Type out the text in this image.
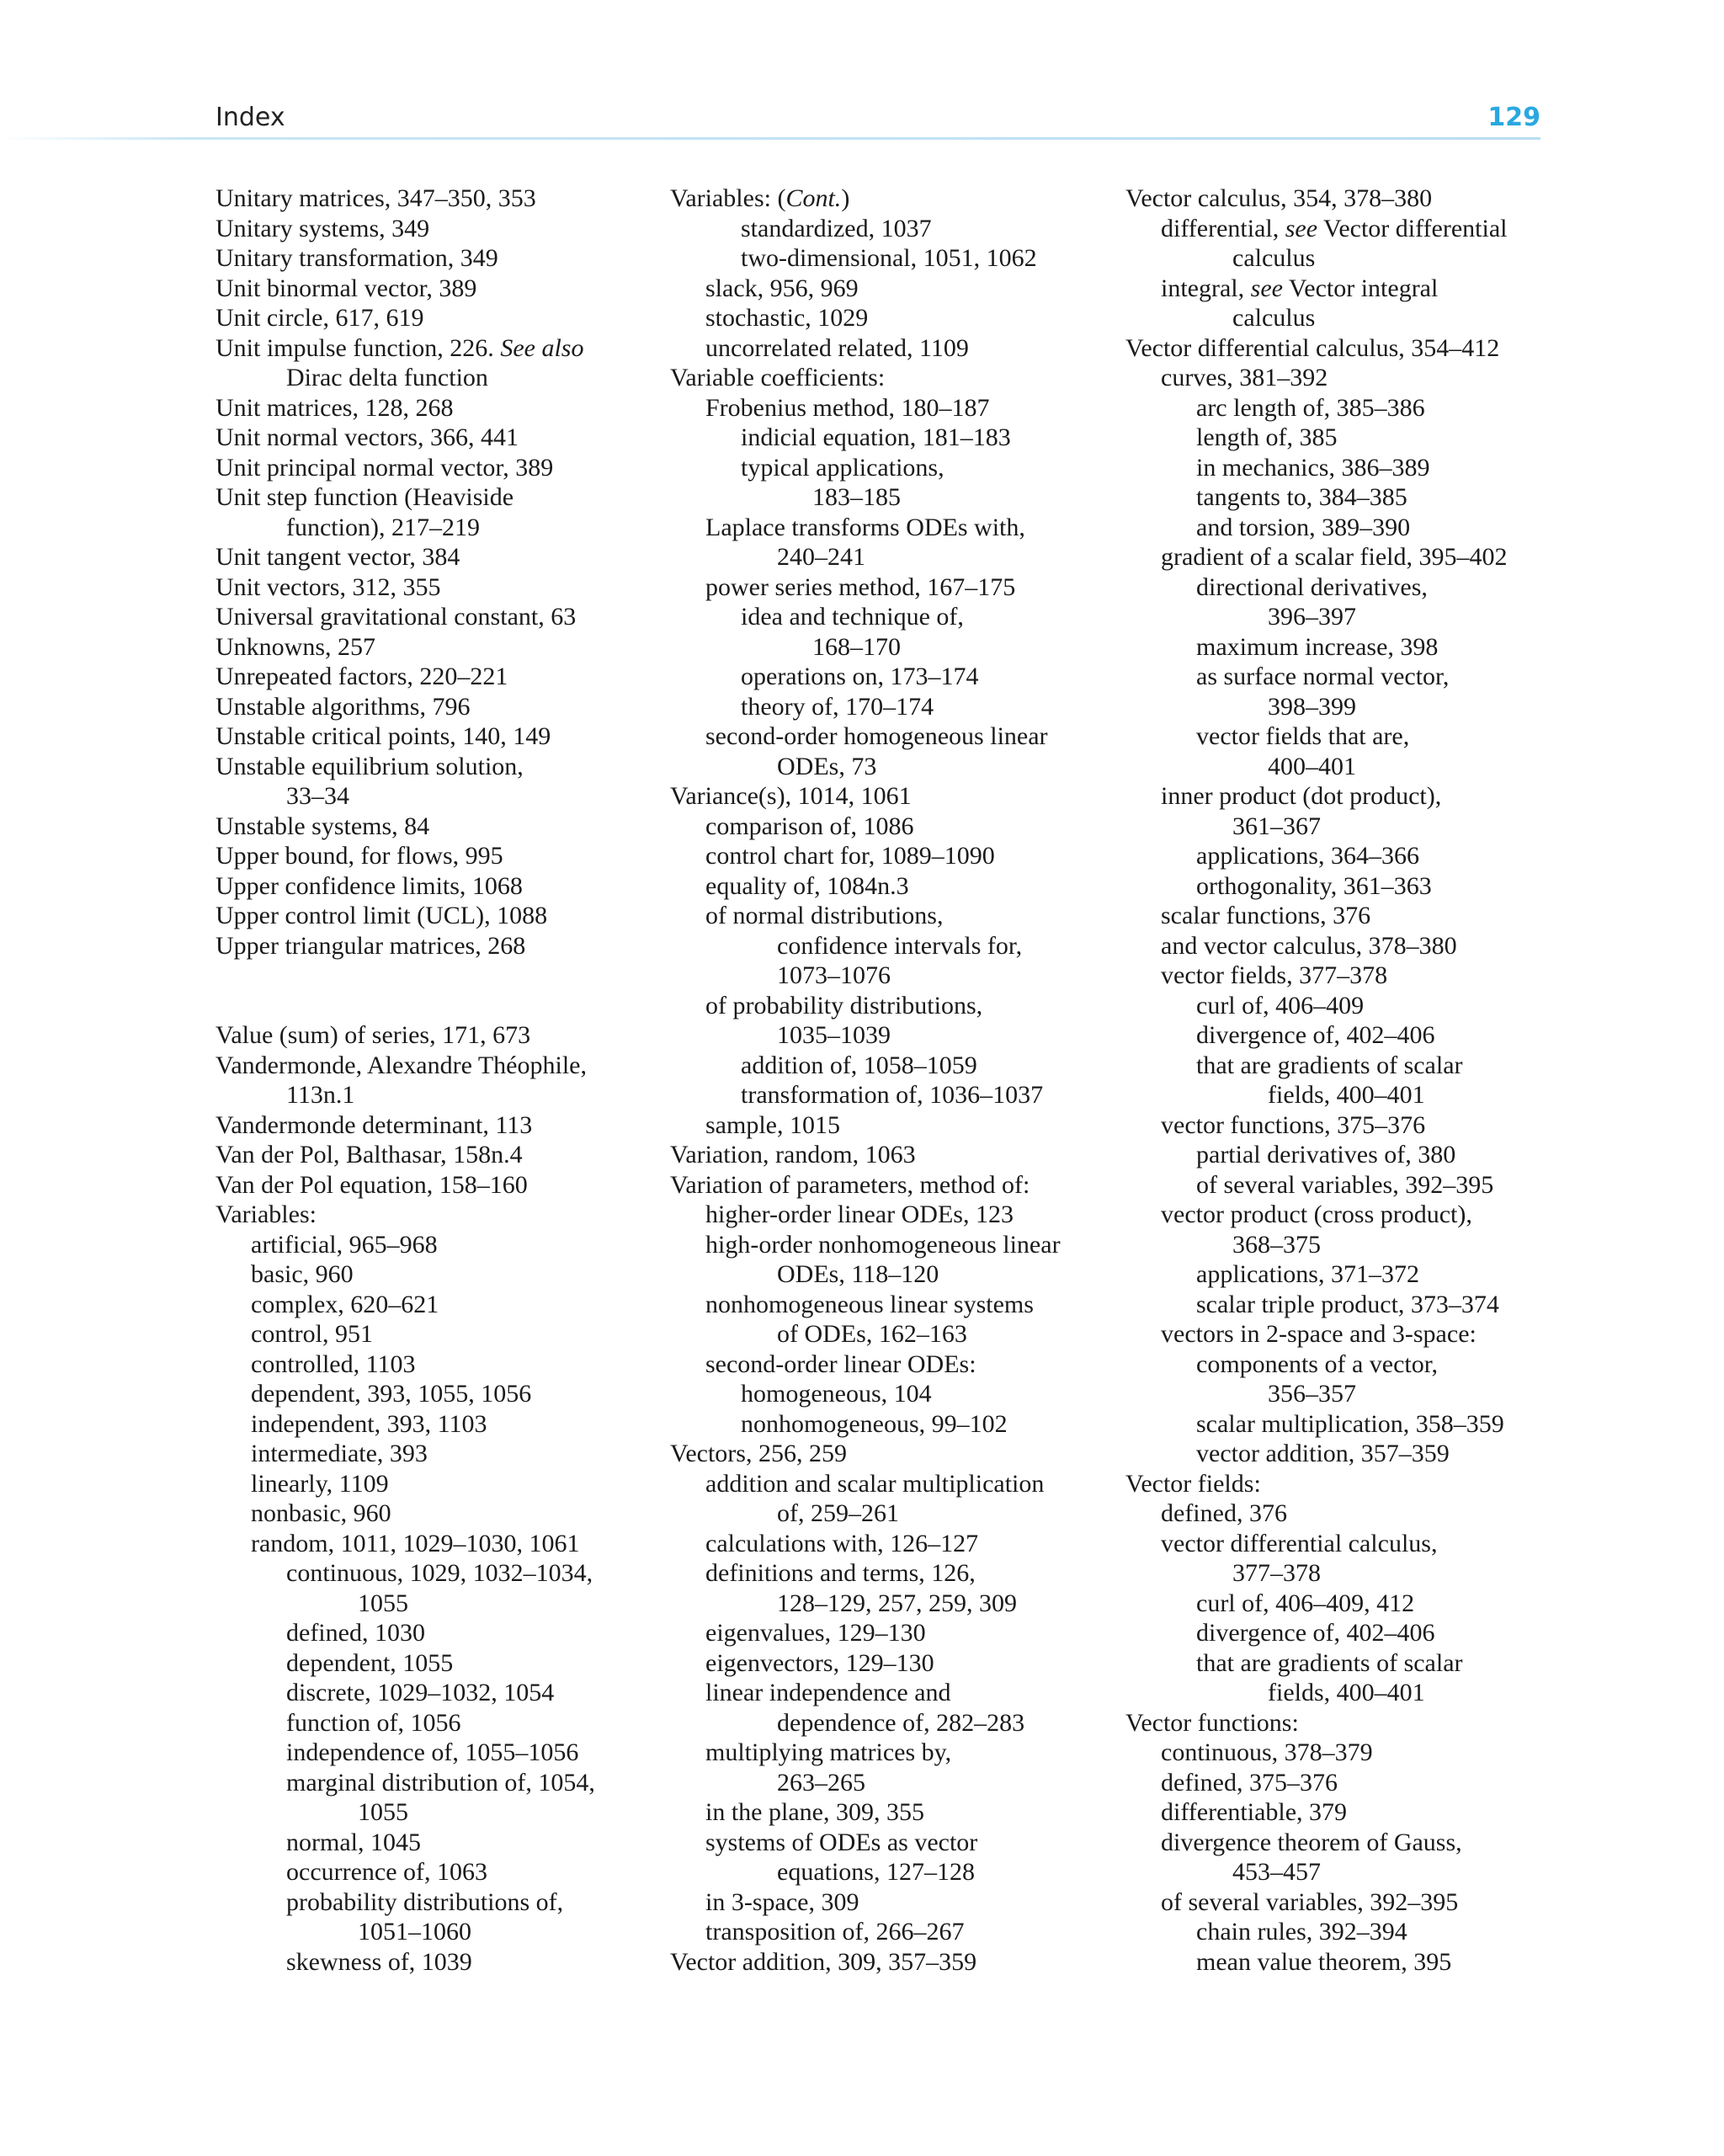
Index	129
Unitary matrices, 347–350, 353
Unitary systems, 349
Unitary transformation, 349
Unit binormal vector, 389
Unit circle, 617, 619
Unit impulse function, 226. See also
Dirac delta function
Unit matrices, 128, 268
Unit normal vectors, 366, 441
Unit principal normal vector, 389
Unit step function (Heaviside
function), 217–219
Unit tangent vector, 384
Unit vectors, 312, 355
Universal gravitational constant, 63
Unknowns, 257
Unrepeated factors, 220–221
Unstable algorithms, 796
Unstable critical points, 140, 149
Unstable equilibrium solution,
33–34
Unstable systems, 84
Upper bound, for flows, 995
Upper confidence limits, 1068
Upper control limit (UCL), 1088
Upper triangular matrices, 268
Value (sum) of series, 171, 673
Vandermonde, Alexandre Théophile,
113n.1
Vandermonde determinant, 113
Van der Pol, Balthasar, 158n.4
Van der Pol equation, 158–160
Variables:
artificial, 965–968
basic, 960
complex, 620–621
control, 951
controlled, 1103
dependent, 393, 1055, 1056
independent, 393, 1103
intermediate, 393
linearly, 1109
nonbasic, 960
random, 1011, 1029–1030, 1061
continuous, 1029, 1032–1034,
1055
defined, 1030
dependent, 1055
discrete, 1029–1032, 1054
function of, 1056
independence of, 1055–1056
marginal distribution of, 1054,
1055
normal, 1045
occurrence of, 1063
probability distributions of,
1051–1060
skewness of, 1039
Variables: (Cont.)
standardized, 1037
two-dimensional, 1051, 1062
slack, 956, 969
stochastic, 1029
uncorrelated related, 1109
Variable coefficients:
Frobenius method, 180–187
indicial equation, 181–183
typical applications,
183–185
Laplace transforms ODEs with,
240–241
power series method, 167–175
idea and technique of,
168–170
operations on, 173–174
theory of, 170–174
second-order homogeneous linear
ODEs, 73
Variance(s), 1014, 1061
comparison of, 1086
control chart for, 1089–1090
equality of, 1084n.3
of normal distributions,
confidence intervals for,
1073–1076
of probability distributions,
1035–1039
addition of, 1058–1059
transformation of, 1036–1037
sample, 1015
Variation, random, 1063
Variation of parameters, method of:
higher-order linear ODEs, 123
high-order nonhomogeneous linear
ODEs, 118–120
nonhomogeneous linear systems
of ODEs, 162–163
second-order linear ODEs:
homogeneous, 104
nonhomogeneous, 99–102
Vectors, 256, 259
addition and scalar multiplication
of, 259–261
calculations with, 126–127
definitions and terms, 126,
128–129, 257, 259, 309
eigenvalues, 129–130
eigenvectors, 129–130
linear independence and
dependence of, 282–283
multiplying matrices by,
263–265
in the plane, 309, 355
systems of ODEs as vector
equations, 127–128
in 3-space, 309
transposition of, 266–267
Vector addition, 309, 357–359
Vector calculus, 354, 378–380
differential, see Vector differential
calculus
integral, see Vector integral
calculus
Vector differential calculus, 354–412
curves, 381–392
arc length of, 385–386
length of, 385
in mechanics, 386–389
tangents to, 384–385
and torsion, 389–390
gradient of a scalar field, 395–402
directional derivatives,
396–397
maximum increase, 398
as surface normal vector,
398–399
vector fields that are,
400–401
inner product (dot product),
361–367
applications, 364–366
orthogonality, 361–363
scalar functions, 376
and vector calculus, 378–380
vector fields, 377–378
curl of, 406–409
divergence of, 402–406
that are gradients of scalar
fields, 400–401
vector functions, 375–376
partial derivatives of, 380
of several variables, 392–395
vector product (cross product),
368–375
applications, 371–372
scalar triple product, 373–374
vectors in 2-space and 3-space:
components of a vector,
356–357
scalar multiplication, 358–359
vector addition, 357–359
Vector fields:
defined, 376
vector differential calculus,
377–378
curl of, 406–409, 412
divergence of, 402–406
that are gradients of scalar
fields, 400–401
Vector functions:
continuous, 378–379
defined, 375–376
differentiable, 379
divergence theorem of Gauss,
453–457
of several variables, 392–395
chain rules, 392–394
mean value theorem, 395
